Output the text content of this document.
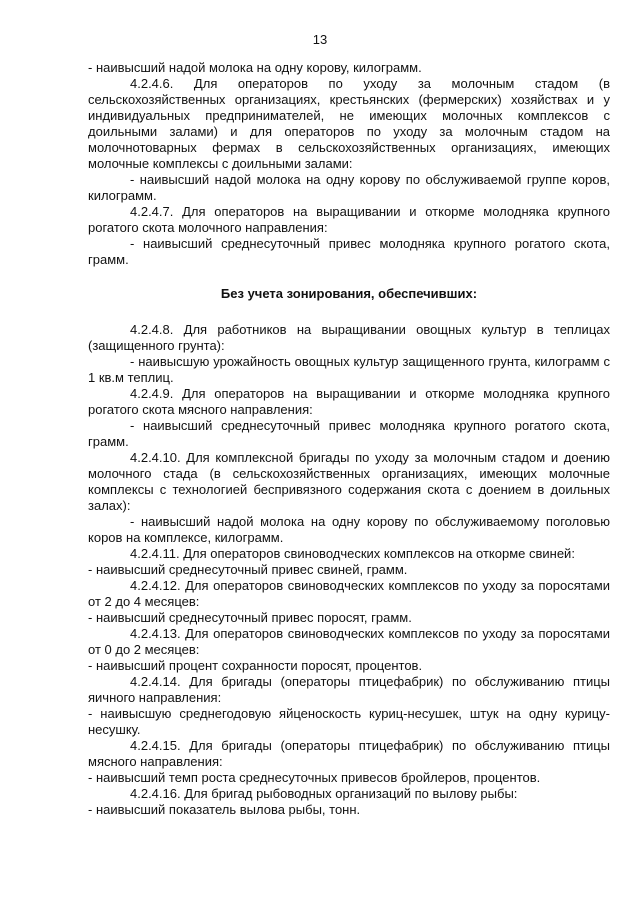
13

- наивысший надой молока на одну корову, килограмм.

4.2.4.6. Для операторов по уходу за молочным стадом (в сельскохозяйственных организациях, крестьянских (фермерских) хозяйствах и у индивидуальных предпринимателей, не имеющих молочных комплексов с доильными залами) и для операторов по уходу за молочным стадом на молочнотоварных фермах в сельскохозяйственных организациях, имеющих молочные комплексы с доильными залами:

- наивысший надой молока на одну корову по обслуживаемой группе коров, килограмм.

4.2.4.7. Для операторов на выращивании и откорме молодняка крупного рогатого скота молочного направления:

- наивысший среднесуточный привес молодняка крупного рогатого скота, грамм.

Без учета зонирования, обеспечивших:

4.2.4.8. Для работников на выращивании овощных культур в теплицах (защищенного грунта):

- наивысшую урожайность овощных культур защищенного грунта, килограмм с 1 кв.м теплиц.

4.2.4.9. Для операторов на выращивании и откорме молодняка крупного рогатого скота мясного направления:

- наивысший среднесуточный привес молодняка крупного рогатого скота, грамм.

4.2.4.10. Для комплексной бригады по уходу за молочным стадом и доению молочного стада (в сельскохозяйственных организациях, имеющих молочные комплексы с технологией беспривязного содержания скота с доением в доильных залах):

- наивысший надой молока на одну корову по обслуживаемому поголовью коров на комплексе, килограмм.

4.2.4.11. Для операторов свиноводческих комплексов на откорме свиней:

- наивысший среднесуточный привес свиней, грамм.

4.2.4.12. Для операторов свиноводческих комплексов по уходу за поросятами от 2 до 4 месяцев:

- наивысший среднесуточный привес поросят, грамм.

4.2.4.13. Для операторов свиноводческих комплексов по уходу за поросятами от 0 до 2 месяцев:

- наивысший процент сохранности поросят, процентов.

4.2.4.14. Для бригады (операторы птицефабрик) по обслуживанию птицы яичного направления:

- наивысшую среднегодовую яйценоскость куриц-несушек, штук на одну курицу-несушку.

4.2.4.15. Для бригады (операторы птицефабрик) по обслуживанию птицы мясного направления:

- наивысший темп роста среднесуточных привесов бройлеров, процентов.

4.2.4.16. Для бригад рыбоводных организаций по вылову рыбы:

- наивысший показатель вылова рыбы, тонн.
